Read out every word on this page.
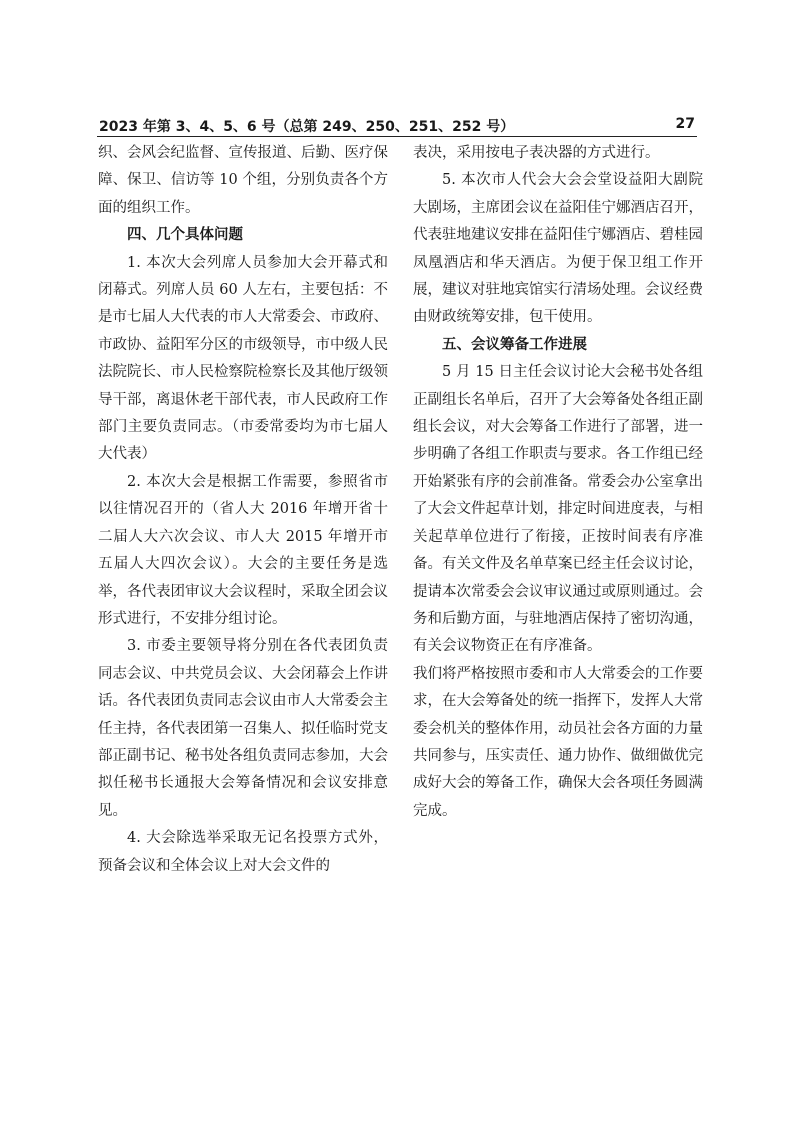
2023 年第 3、4、5、6 号（总第 249、250、251、252 号）	27

织、会风会纪监督、宣传报道、后勤、医疗保障、保卫、信访等 10 个组，分别负责各个方面的组织工作。

四、几个具体问题

1. 本次大会列席人员参加大会开幕式和闭幕式。列席人员 60 人左右，主要包括：不是市七届人大代表的市人大常委会、市政府、市政协、益阳军分区的市级领导，市中级人民法院院长、市人民检察院检察长及其他厅级领导干部，离退休老干部代表，市人民政府工作部门主要负责同志。（市委常委均为市七届人大代表）

2. 本次大会是根据工作需要，参照省市以往情况召开的（省人大 2016 年增开省十二届人大六次会议、市人大 2015 年增开市五届人大四次会议）。大会的主要任务是选举，各代表团审议大会议程时，采取全团会议形式进行，不安排分组讨论。

3. 市委主要领导将分别在各代表团负责同志会议、中共党员会议、大会闭幕会上作讲话。各代表团负责同志会议由市人大常委会主任主持，各代表团第一召集人、拟任临时党支部正副书记、秘书处各组负责同志参加，大会拟任秘书长通报大会筹备情况和会议安排意见。

4. 大会除选举采取无记名投票方式外，预备会议和全体会议上对大会文件的

表决，采用按电子表决器的方式进行。

5. 本次市人代会大会会堂设益阳大剧院大剧场，主席团会议在益阳佳宁娜酒店召开，代表驻地建议安排在益阳佳宁娜酒店、碧桂园凤凰酒店和华天酒店。为便于保卫组工作开展，建议对驻地宾馆实行清场处理。会议经费由财政统筹安排，包干使用。

五、会议筹备工作进展

5 月 15 日主任会议讨论大会秘书处各组正副组长名单后，召开了大会筹备处各组正副组长会议，对大会筹备工作进行了部署，进一步明确了各组工作职责与要求。各工作组已经开始紧张有序的会前准备。常委会办公室拿出了大会文件起草计划，排定时间进度表，与相关起草单位进行了衔接，正按时间表有序准备。有关文件及名单草案已经主任会议讨论，提请本次常委会会议审议通过或原则通过。会务和后勤方面，与驻地酒店保持了密切沟通，有关会议物资正在有序准备。

我们将严格按照市委和市人大常委会的工作要求，在大会筹备处的统一指挥下，发挥人大常委会机关的整体作用，动员社会各方面的力量共同参与，压实责任、通力协作、做细做优完成好大会的筹备工作，确保大会各项任务圆满完成。
